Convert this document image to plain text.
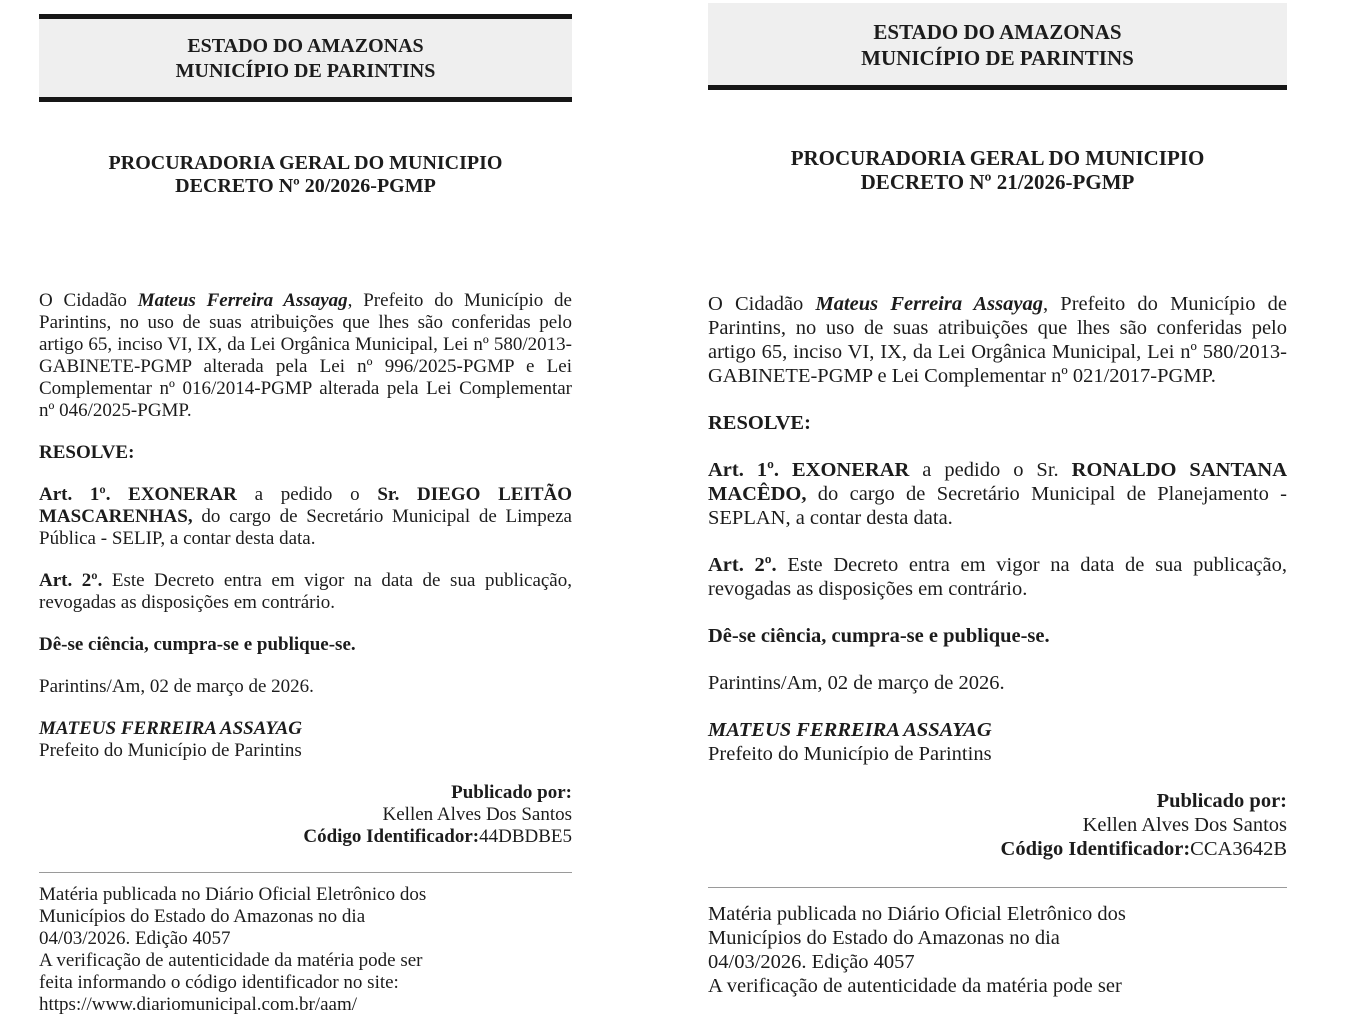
ESTADO DO AMAZONAS
MUNICÍPIO DE PARINTINS
PROCURADORIA GERAL DO MUNICIPIO
DECRETO Nº 20/2026-PGMP

O Cidadão Mateus Ferreira Assayag, Prefeito do Município de Parintins, no uso de suas atribuições que lhes são conferidas pelo artigo 65, inciso VI, IX, da Lei Orgânica Municipal, Lei nº 580/2013-GABINETE-PGMP alterada pela Lei nº 996/2025-PGMP e Lei Complementar nº 016/2014-PGMP alterada pela Lei Complementar nº 046/2025-PGMP.

RESOLVE:

Art. 1º. EXONERAR a pedido o Sr. DIEGO LEITÃO MASCARENHAS, do cargo de Secretário Municipal de Limpeza Pública - SELIP, a contar desta data.

Art. 2º. Este Decreto entra em vigor na data de sua publicação, revogadas as disposições em contrário.

Dê-se ciência, cumpra-se e publique-se.

Parintins/Am, 02 de março de 2026.

MATEUS FERREIRA ASSAYAG
Prefeito do Município de Parintins

Publicado por:
Kellen Alves Dos Santos
Código Identificador:44DBDBE5
Matéria publicada no Diário Oficial Eletrônico dos
Municípios do Estado do Amazonas no dia
04/03/2026. Edição 4057
A verificação de autenticidade da matéria pode ser
feita informando o código identificador no site:
https://www.diariomunicipal.com.br/aam/
ESTADO DO AMAZONAS
MUNICÍPIO DE PARINTINS
PROCURADORIA GERAL DO MUNICIPIO
DECRETO Nº 21/2026-PGMP

O Cidadão Mateus Ferreira Assayag, Prefeito do Município de Parintins, no uso de suas atribuições que lhes são conferidas pelo artigo 65, inciso VI, IX, da Lei Orgânica Municipal, Lei nº 580/2013-GABINETE-PGMP e Lei Complementar nº 021/2017-PGMP.

RESOLVE:

Art. 1º. EXONERAR a pedido o Sr. RONALDO SANTANA MACÊDO, do cargo de Secretário Municipal de Planejamento - SEPLAN, a contar desta data.

Art. 2º. Este Decreto entra em vigor na data de sua publicação, revogadas as disposições em contrário.

Dê-se ciência, cumpra-se e publique-se.

Parintins/Am, 02 de março de 2026.

MATEUS FERREIRA ASSAYAG
Prefeito do Município de Parintins

Publicado por:
Kellen Alves Dos Santos
Código Identificador:CCA3642B
Matéria publicada no Diário Oficial Eletrônico dos
Municípios do Estado do Amazonas no dia
04/03/2026. Edição 4057
A verificação de autenticidade da matéria pode ser
